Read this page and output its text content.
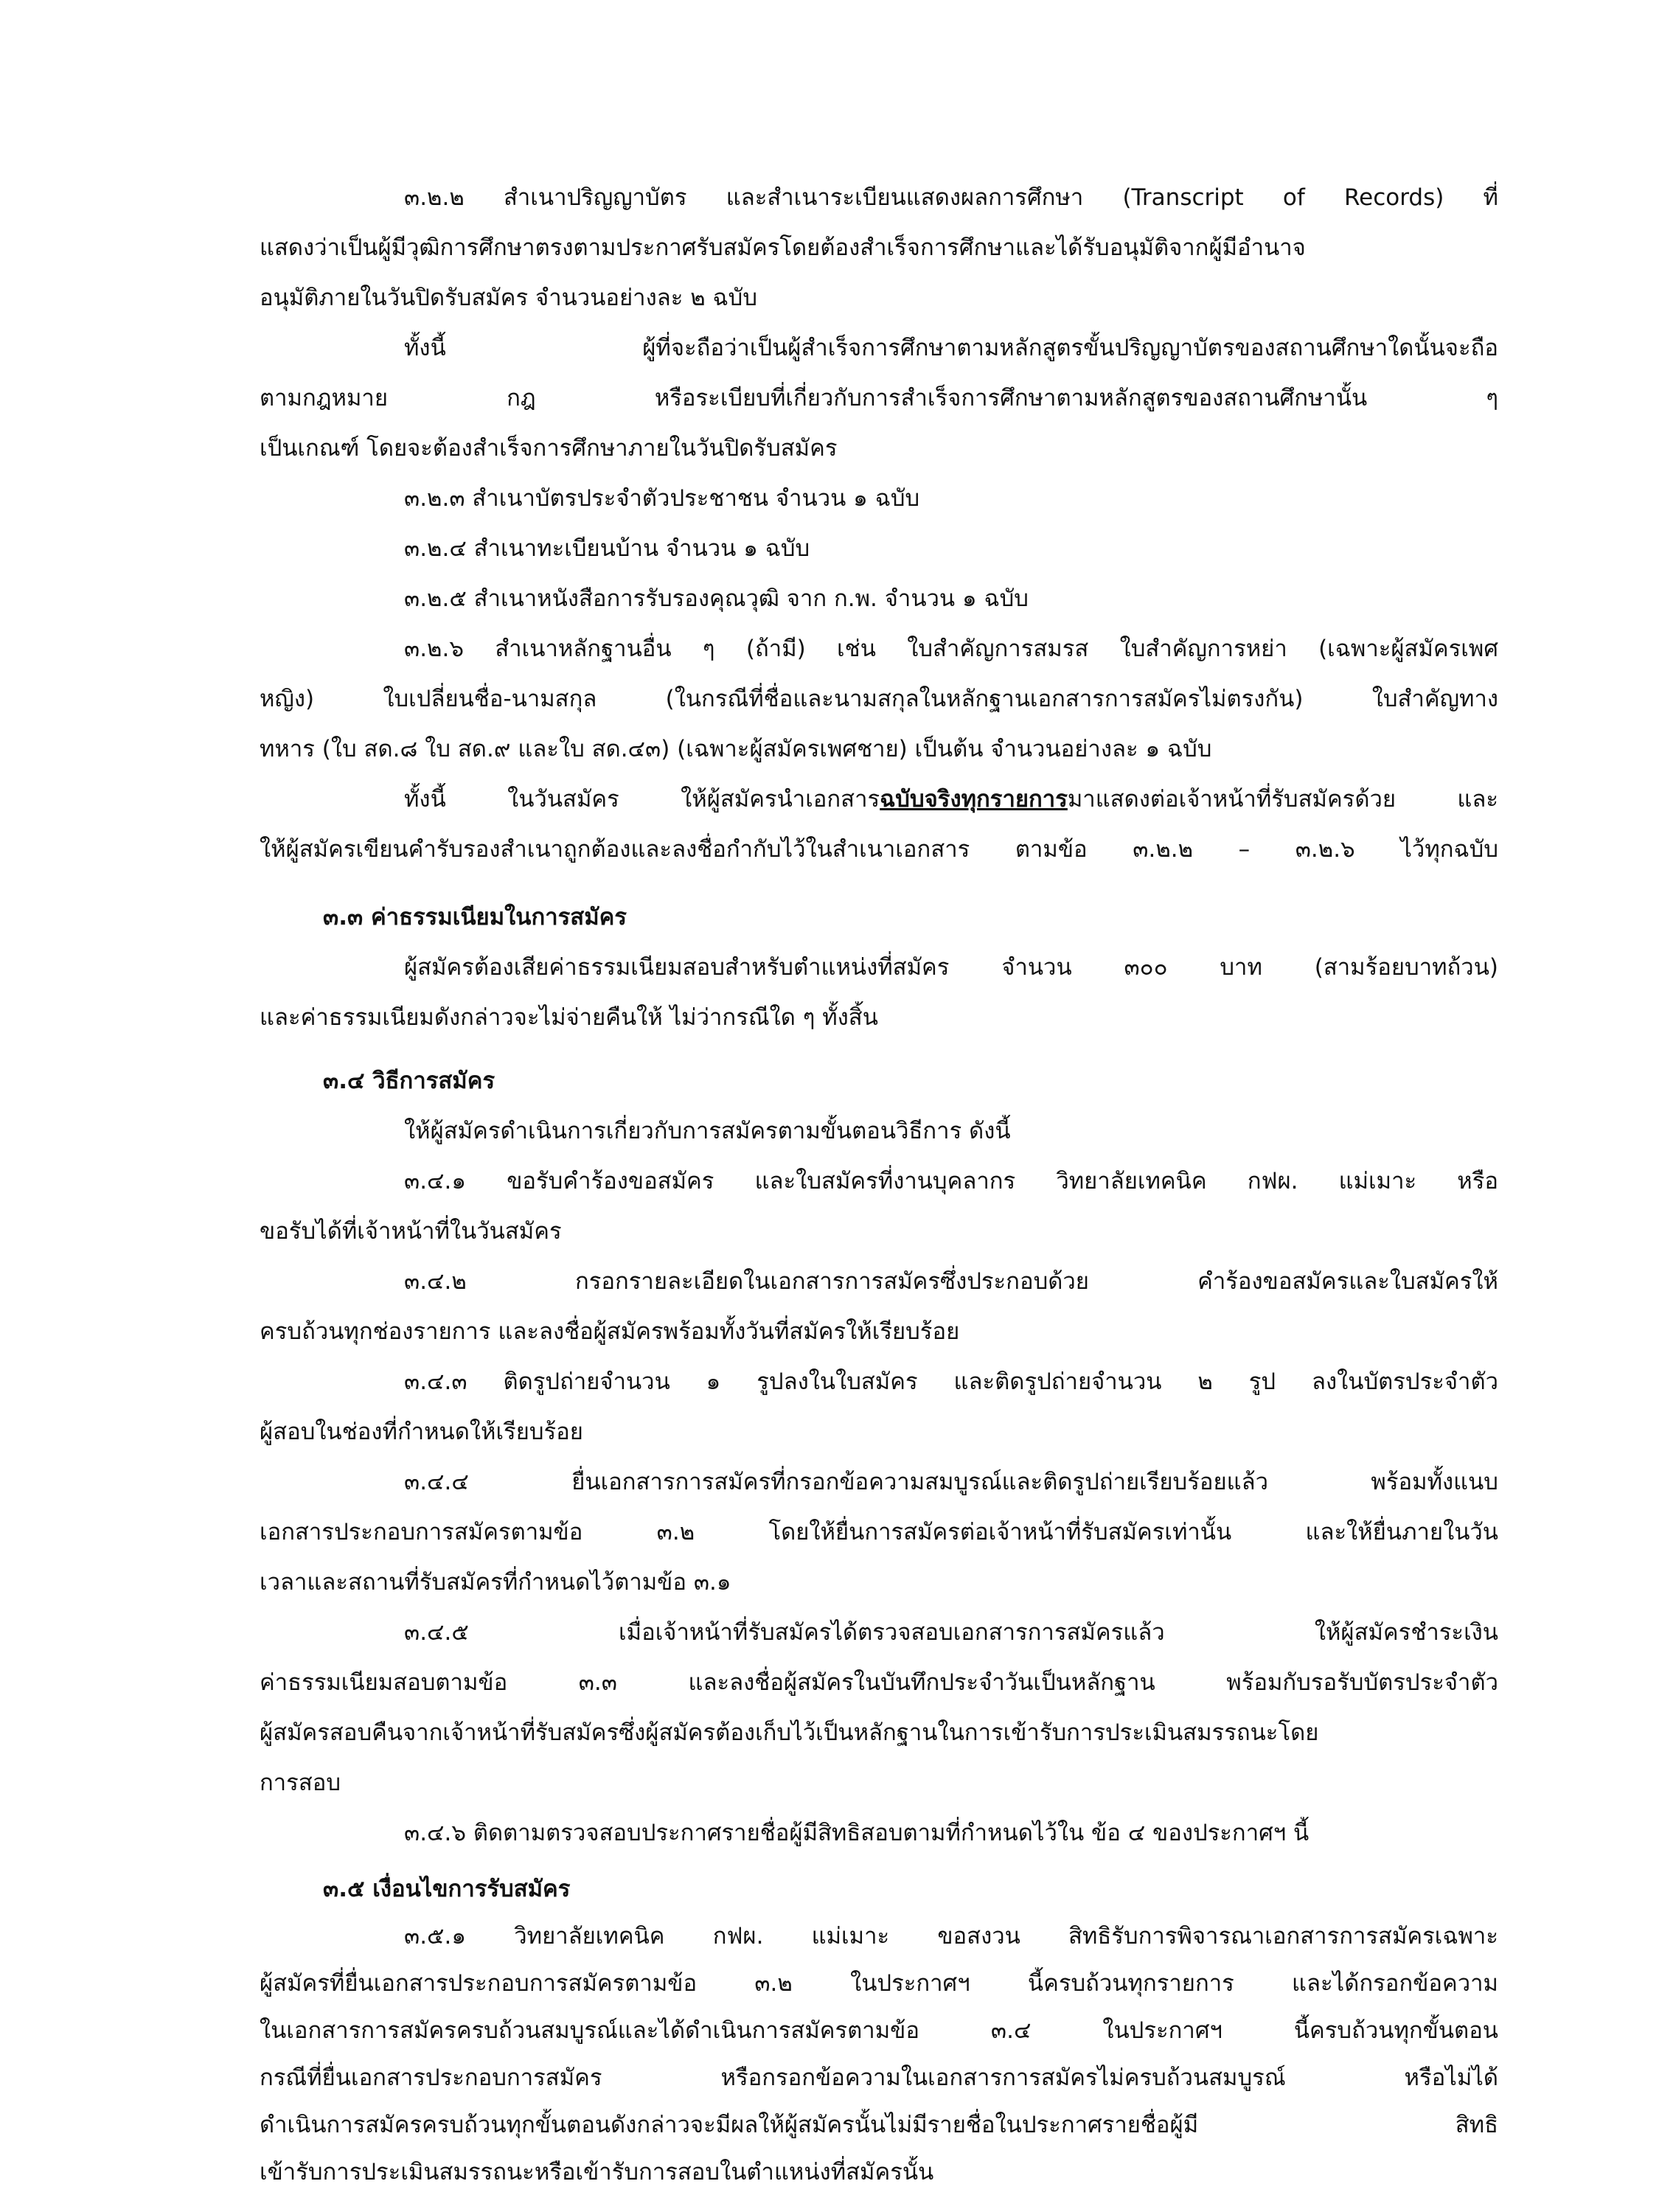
๓.๒.๒ สำเนาปริญญาบัตร และสำเนาระเบียนแสดงผลการศึกษา (Transcript of Records) ที่

แสดงว่าเป็นผู้มีวุฒิการศึกษาตรงตามประกาศรับสมัครโดยต้องสำเร็จการศึกษาและได้รับอนุมัติจากผู้มีอำนาจ

อนุมัติภายในวันปิดรับสมัคร จำนวนอย่างละ ๒ ฉบับ

ทั้งนี้ ผู้ที่จะถือว่าเป็นผู้สำเร็จการศึกษาตามหลักสูตรขั้นปริญญาบัตรของสถานศึกษาใดนั้นจะถือ

ตามกฎหมาย กฎ หรือระเบียบที่เกี่ยวกับการสำเร็จการศึกษาตามหลักสูตรของสถานศึกษานั้น ๆ

เป็นเกณฑ์ โดยจะต้องสำเร็จการศึกษาภายในวันปิดรับสมัคร

๓.๒.๓ สำเนาบัตรประจำตัวประชาชน จำนวน ๑ ฉบับ

๓.๒.๔ สำเนาทะเบียนบ้าน จำนวน ๑ ฉบับ

๓.๒.๕ สำเนาหนังสือการรับรองคุณวุฒิ จาก ก.พ. จำนวน ๑ ฉบับ

๓.๒.๖ สำเนาหลักฐานอื่น ๆ (ถ้ามี) เช่น ใบสำคัญการสมรส ใบสำคัญการหย่า (เฉพาะผู้สมัครเพศ

หญิง) ใบเปลี่ยนชื่อ-นามสกุล (ในกรณีที่ชื่อและนามสกุลในหลักฐานเอกสารการสมัครไม่ตรงกัน) ใบสำคัญทาง

ทหาร (ใบ สด.๘ ใบ สด.๙ และใบ สด.๔๓) (เฉพาะผู้สมัครเพศชาย) เป็นต้น จำนวนอย่างละ ๑ ฉบับ

ทั้งนี้ ในวันสมัคร ให้ผู้สมัครนำเอกสารฉบับจริงทุกรายการมาแสดงต่อเจ้าหน้าที่รับสมัครด้วย และ

ให้ผู้สมัครเขียนคำรับรองสำเนาถูกต้องและลงชื่อกำกับไว้ในสำเนาเอกสาร ตามข้อ ๓.๒.๒ – ๓.๒.๖ ไว้ทุกฉบับ

๓.๓ ค่าธรรมเนียมในการสมัคร

ผู้สมัครต้องเสียค่าธรรมเนียมสอบสำหรับตำแหน่งที่สมัคร จำนวน ๓๐๐ บาท (สามร้อยบาทถ้วน)

และค่าธรรมเนียมดังกล่าวจะไม่จ่ายคืนให้ ไม่ว่ากรณีใด ๆ ทั้งสิ้น

๓.๔ วิธีการสมัคร

ให้ผู้สมัครดำเนินการเกี่ยวกับการสมัครตามขั้นตอนวิธีการ ดังนี้

๓.๔.๑ ขอรับคำร้องขอสมัคร และใบสมัครที่งานบุคลากร วิทยาลัยเทคนิค กฟผ. แม่เมาะ หรือ

ขอรับได้ที่เจ้าหน้าที่ในวันสมัคร

๓.๔.๒ กรอกรายละเอียดในเอกสารการสมัครซึ่งประกอบด้วย คำร้องขอสมัครและใบสมัครให้

ครบถ้วนทุกช่องรายการ และลงชื่อผู้สมัครพร้อมทั้งวันที่สมัครให้เรียบร้อย

๓.๔.๓ ติดรูปถ่ายจำนวน ๑ รูปลงในใบสมัคร และติดรูปถ่ายจำนวน ๒ รูป ลงในบัตรประจำตัว

ผู้สอบในช่องที่กำหนดให้เรียบร้อย

๓.๔.๔ ยื่นเอกสารการสมัครที่กรอกข้อความสมบูรณ์และติดรูปถ่ายเรียบร้อยแล้ว พร้อมทั้งแนบ

เอกสารประกอบการสมัครตามข้อ ๓.๒ โดยให้ยื่นการสมัครต่อเจ้าหน้าที่รับสมัครเท่านั้น และให้ยื่นภายในวัน

เวลาและสถานที่รับสมัครที่กำหนดไว้ตามข้อ ๓.๑

๓.๔.๕ เมื่อเจ้าหน้าที่รับสมัครได้ตรวจสอบเอกสารการสมัครแล้ว ให้ผู้สมัครชำระเงิน

ค่าธรรมเนียมสอบตามข้อ ๓.๓ และลงชื่อผู้สมัครในบันทึกประจำวันเป็นหลักฐาน พร้อมกับรอรับบัตรประจำตัว

ผู้สมัครสอบคืนจากเจ้าหน้าที่รับสมัครซึ่งผู้สมัครต้องเก็บไว้เป็นหลักฐานในการเข้ารับการประเมินสมรรถนะโดย

การสอบ

๓.๔.๖ ติดตามตรวจสอบประกาศรายชื่อผู้มีสิทธิสอบตามที่กำหนดไว้ใน ข้อ ๔ ของประกาศฯ นี้

๓.๕ เงื่อนไขการรับสมัคร

๓.๕.๑ วิทยาลัยเทคนิค กฟผ. แม่เมาะ ขอสงวน สิทธิรับการพิจารณาเอกสารการสมัครเฉพาะ

ผู้สมัครที่ยื่นเอกสารประกอบการสมัครตามข้อ ๓.๒ ในประกาศฯ นี้ครบถ้วนทุกรายการ และได้กรอกข้อความ

ในเอกสารการสมัครครบถ้วนสมบูรณ์และได้ดำเนินการสมัครตามข้อ ๓.๔ ในประกาศฯ นี้ครบถ้วนทุกขั้นตอน

กรณีที่ยื่นเอกสารประกอบการสมัคร หรือกรอกข้อความในเอกสารการสมัครไม่ครบถ้วนสมบูรณ์ หรือไม่ได้

ดำเนินการสมัครครบถ้วนทุกขั้นตอนดังกล่าวจะมีผลให้ผู้สมัครนั้นไม่มีรายชื่อในประกาศรายชื่อผู้มี สิทธิ

เข้ารับการประเมินสมรรถนะหรือเข้ารับการสอบในตำแหน่งที่สมัครนั้น
